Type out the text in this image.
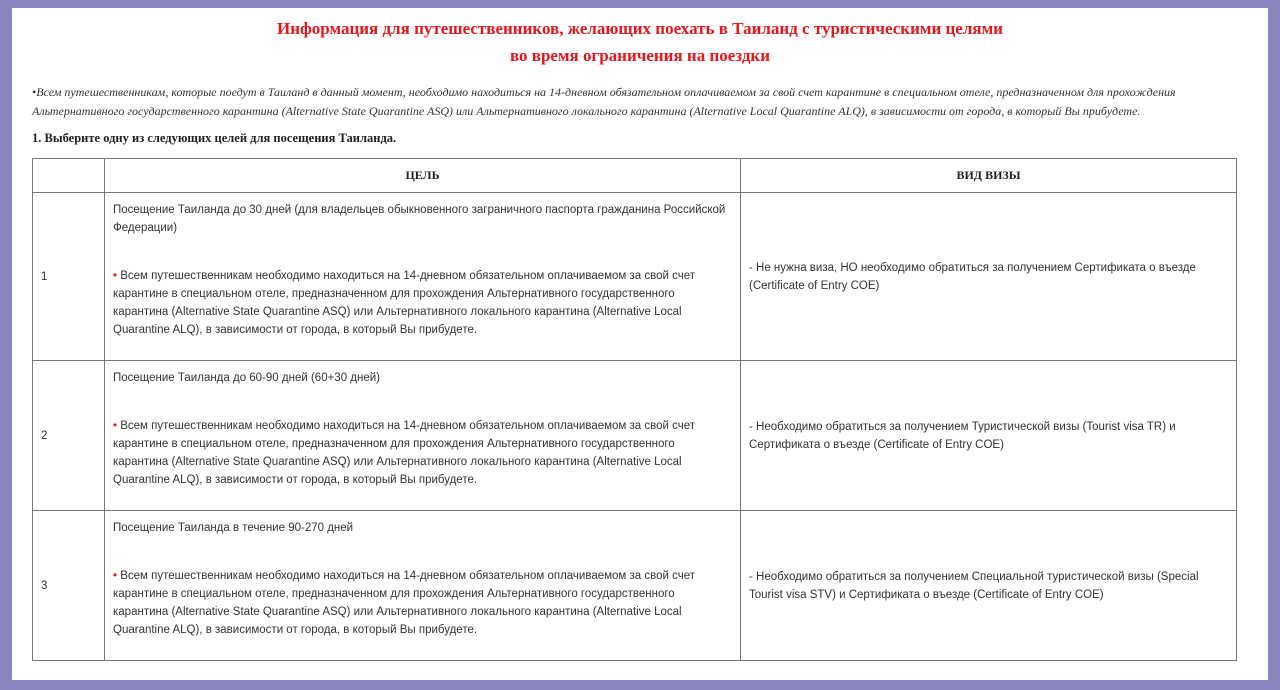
Информация для путешественников, желающих поехать в Таиланд с туристическими целями
во время ограничения на поездки

•Всем путешественникам, которые поедут в Таиланд в данный момент, необходимо находиться на 14-дневном обязательном оплачиваемом за свой счет карантине в специальном отеле, предназначенном для прохождения Альтернативного государственного карантина (Alternative State Quarantine ASQ) или Альтернативного локального карантина (Alternative Local Quarantine ALQ), в зависимости от города, в который Вы прибудете.

1. Выберите одну из следующих целей для посещения Таиланда.

	ЦЕЛЬ	ВИД ВИЗЫ
1	Посещение Таиланда до 30 дней (для владельцев обыкновенного заграничного паспорта гражданина Российской Федерации)
• Всем путешественникам необходимо находиться на 14-дневном обязательном оплачиваемом за свой счет карантине в специальном отеле, предназначенном для прохождения Альтернативного государственного карантина (Alternative State Quarantine ASQ) или Альтернативного локального карантина (Alternative Local Quarantine ALQ), в зависимости от города, в который Вы прибудете.	- Не нужна виза, НО необходимо обратиться за получением Сертификата о въезде (Certificate of Entry COE)
2	Посещение Таиланда до 60-90 дней (60+30 дней)
• Всем путешественникам необходимо находиться на 14-дневном обязательном оплачиваемом за свой счет карантине в специальном отеле, предназначенном для прохождения Альтернативного государственного карантина (Alternative State Quarantine ASQ) или Альтернативного локального карантина (Alternative Local Quarantine ALQ), в зависимости от города, в который Вы прибудете.	- Необходимо обратиться за получением Туристической визы (Tourist visa TR) и Сертификата о въезде (Certificate of Entry COE)
3	Посещение Таиланда в течение 90-270 дней
• Всем путешественникам необходимо находиться на 14-дневном обязательном оплачиваемом за свой счет карантине в специальном отеле, предназначенном для прохождения Альтернативного государственного карантина (Alternative State Quarantine ASQ) или Альтернативного локального карантина (Alternative Local Quarantine ALQ), в зависимости от города, в который Вы прибудете.	- Необходимо обратиться за получением Специальной туристической визы (Special Tourist visa STV) и Сертификата о въезде (Certificate of Entry COE)
